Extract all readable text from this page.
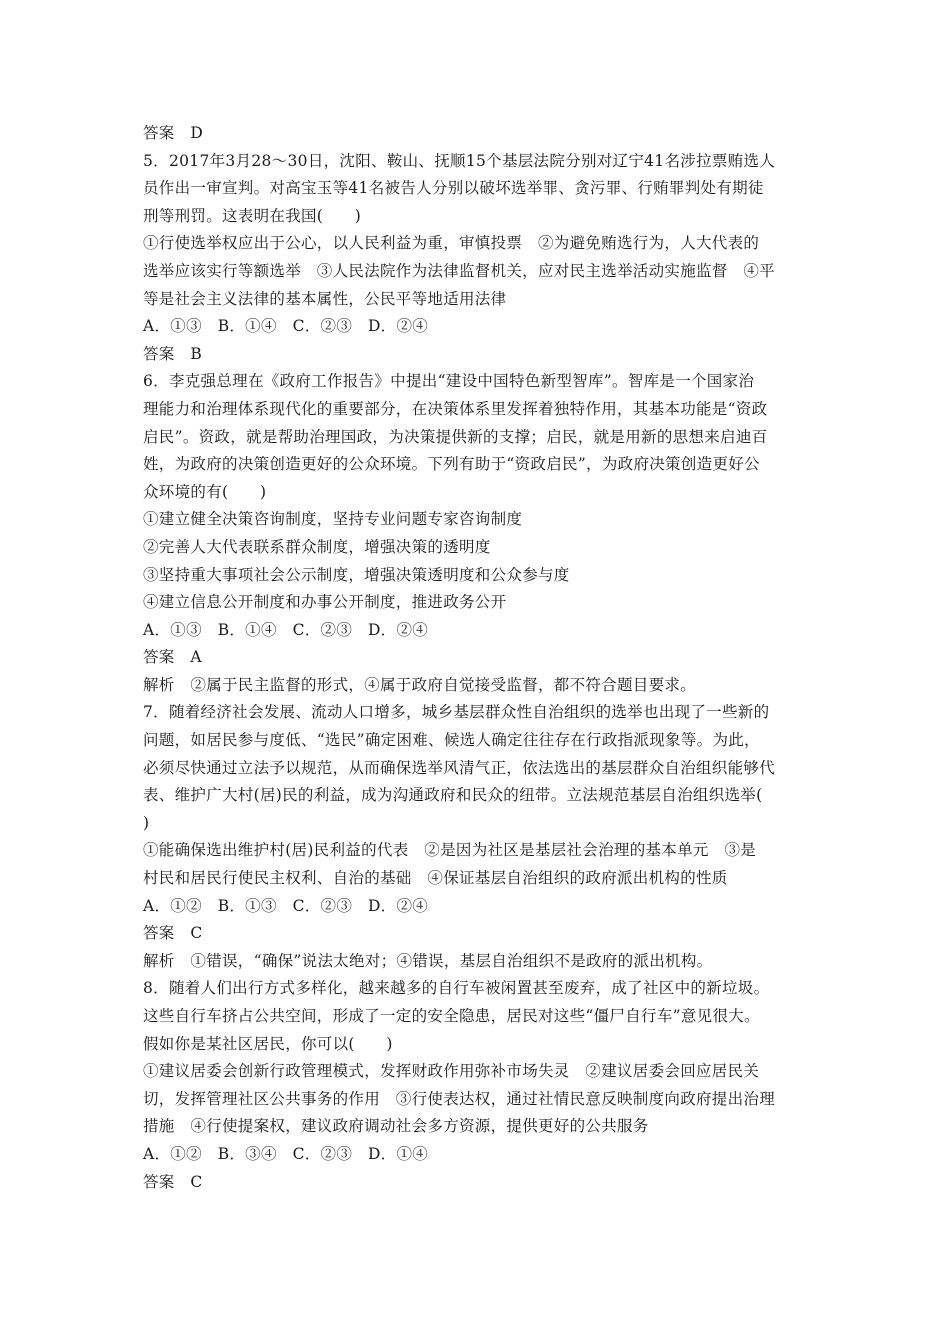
答案　D
5．2017年3月28～30日，沈阳、鞍山、抚顺15个基层法院分别对辽宁41名涉拉票贿选人
员作出一审宣判。对高宝玉等41名被告人分别以破坏选举罪、贪污罪、行贿罪判处有期徒
刑等刑罚。这表明在我国(　　)
①行使选举权应出于公心，以人民利益为重，审慎投票　②为避免贿选行为，人大代表的
选举应该实行等额选举　③人民法院作为法律监督机关，应对民主选举活动实施监督　④平
等是社会主义法律的基本属性，公民平等地适用法律
A．①③　B．①④　C．②③　D．②④
答案　B
6．李克强总理在《政府工作报告》中提出“建设中国特色新型智库”。智库是一个国家治
理能力和治理体系现代化的重要部分，在决策体系里发挥着独特作用，其基本功能是“资政
启民”。资政，就是帮助治理国政，为决策提供新的支撑；启民，就是用新的思想来启迪百
姓，为政府的决策创造更好的公众环境。下列有助于“资政启民”，为政府决策创造更好公
众环境的有(　　)
①建立健全决策咨询制度，坚持专业问题专家咨询制度
②完善人大代表联系群众制度，增强决策的透明度
③坚持重大事项社会公示制度，增强决策透明度和公众参与度
④建立信息公开制度和办事公开制度，推进政务公开
A．①③　B．①④　C．②③　D．②④
答案　A
解析　②属于民主监督的形式，④属于政府自觉接受监督，都不符合题目要求。
7．随着经济社会发展、流动人口增多，城乡基层群众性自治组织的选举也出现了一些新的
问题，如居民参与度低、“选民”确定困难、候选人确定往往存在行政指派现象等。为此，
必须尽快通过立法予以规范，从而确保选举风清气正，依法选出的基层群众自治组织能够代
表、维护广大村(居)民的利益，成为沟通政府和民众的纽带。立法规范基层自治组织选举(
)
①能确保选出维护村(居)民利益的代表　②是因为社区是基层社会治理的基本单元　③是
村民和居民行使民主权利、自治的基础　④保证基层自治组织的政府派出机构的性质
A．①②　B．①③　C．②③　D．②④
答案　C
解析　①错误，“确保”说法太绝对；④错误，基层自治组织不是政府的派出机构。
8．随着人们出行方式多样化，越来越多的自行车被闲置甚至废弃，成了社区中的新垃圾。
这些自行车挤占公共空间，形成了一定的安全隐患，居民对这些“僵尸自行车”意见很大。
假如你是某社区居民，你可以(　　)
①建议居委会创新行政管理模式，发挥财政作用弥补市场失灵　②建议居委会回应居民关
切，发挥管理社区公共事务的作用　③行使表达权，通过社情民意反映制度向政府提出治理
措施　④行使提案权，建议政府调动社会多方资源，提供更好的公共服务
A．①②　B．③④　C．②③　D．①④
答案　C
